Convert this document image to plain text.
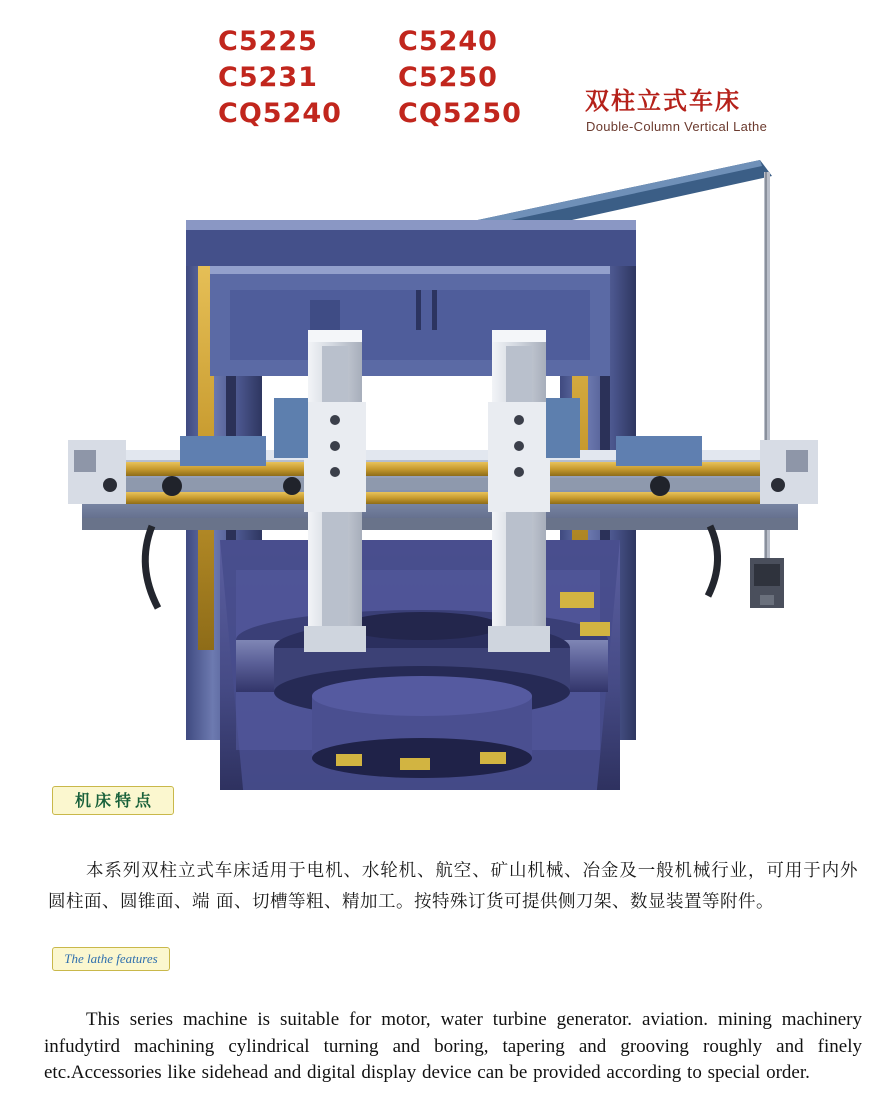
C5225	C5240
C5231	C5250
CQ5240	CQ5250	双柱立式车床
Double-Column Vertical Lathe
机床特点

本系列双柱立式车床适用于电机、水轮机、航空、矿山机械、冶金及一般机械行业，可用于内外圆柱面、圆锥面、端 面、切槽等粗、精加工。按特殊订货可提供侧刀架、数显装置等附件。

The lathe features

This series machine is suitable for motor, water turbine generator. aviation. mining machinery infudytird machining cylindrical turning and boring, tapering and grooving roughly and finely etc.Accessories like sidehead and digital display device can be provided according to special order.
